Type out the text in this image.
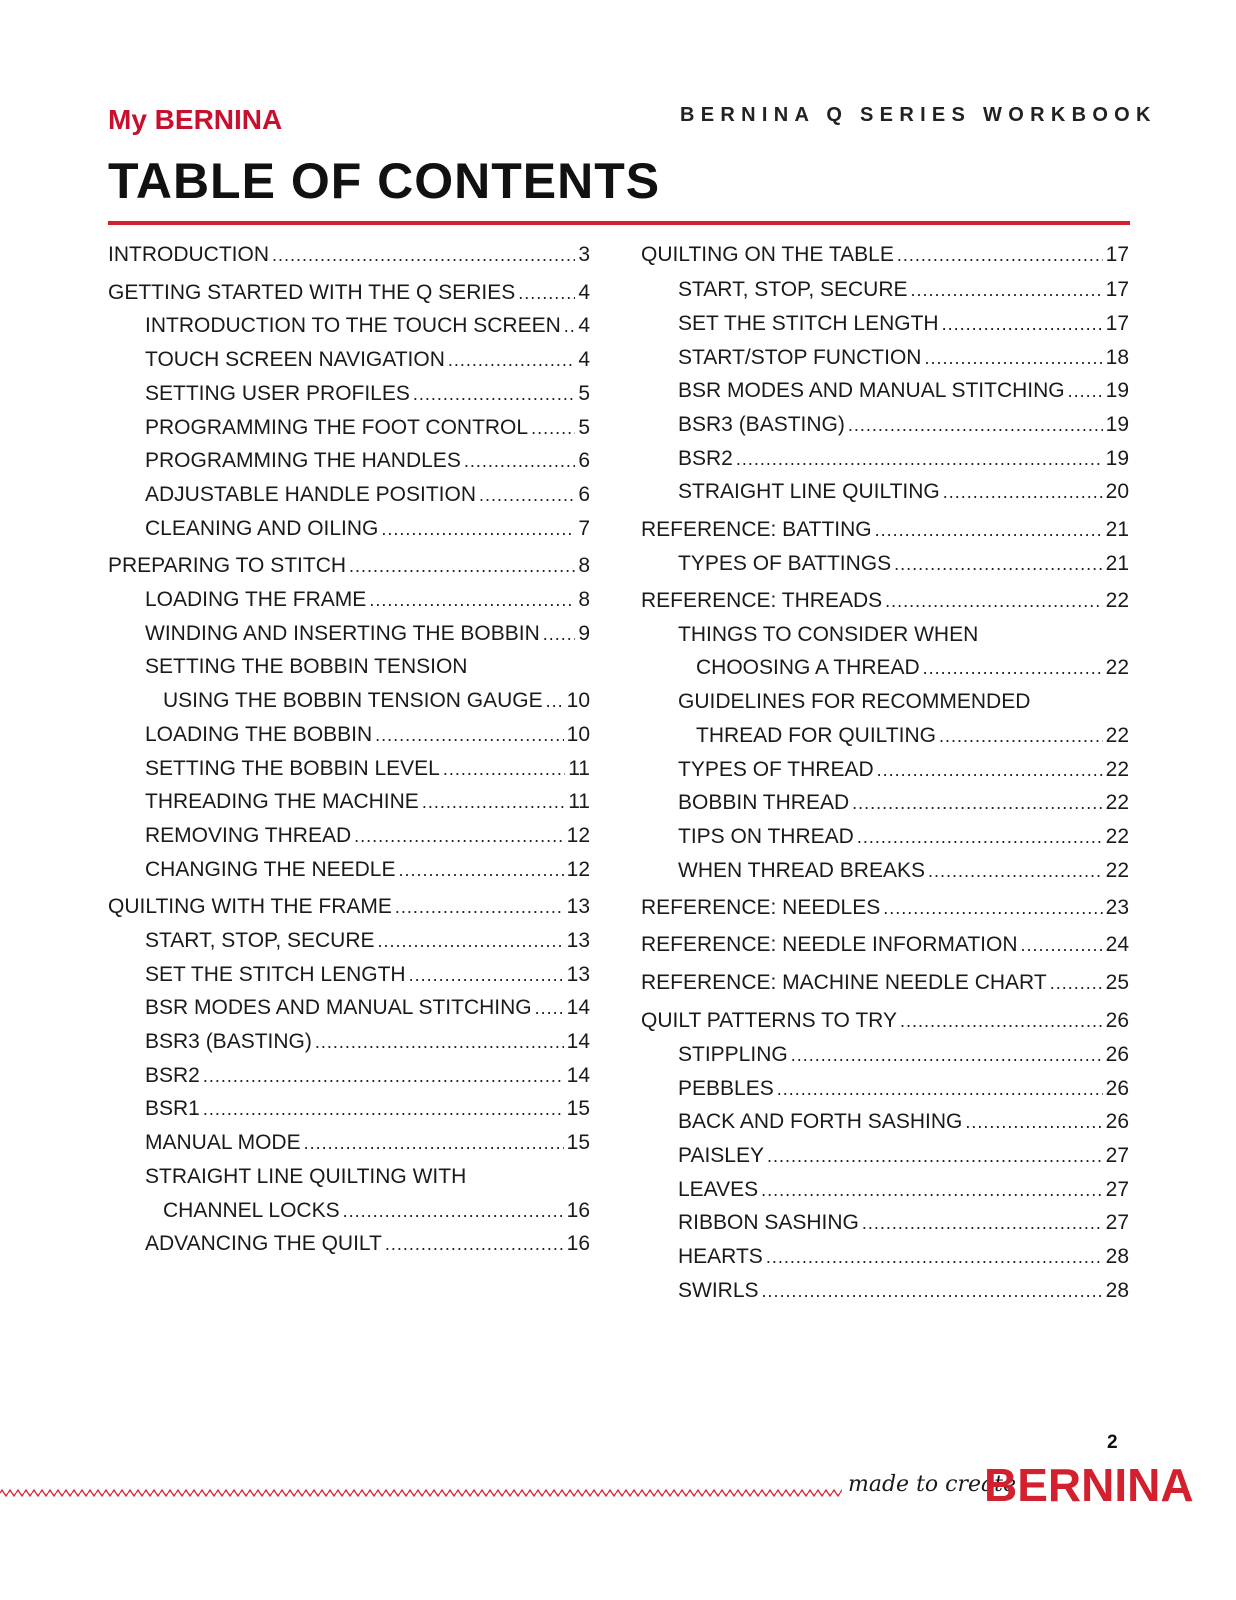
My BERNINA	BERNINA Q SERIES WORKBOOK
TABLE OF CONTENTS
INTRODUCTION .....	3
GETTING STARTED WITH THE Q SERIES .....	4
INTRODUCTION TO THE TOUCH SCREEN ..... 4
TOUCH SCREEN NAVIGATION .....	4
SETTING USER PROFILES .....	5
PROGRAMMING THE FOOT CONTROL ..... 5
PROGRAMMING THE HANDLES .....	6
ADJUSTABLE HANDLE POSITION .....	6
CLEANING AND OILING .....	7
PREPARING TO STITCH .....	8
LOADING THE FRAME .....	8
WINDING AND INSERTING THE BOBBIN ..... 9
SETTING THE BOBBIN TENSION
USING THE BOBBIN TENSION GAUGE ..... 10
LOADING THE BOBBIN .....	10
SETTING THE BOBBIN LEVEL .....	11
THREADING THE MACHINE .....	11
REMOVING THREAD .....	12
CHANGING THE NEEDLE .....	12
QUILTING WITH THE FRAME .....	13
START, STOP, SECURE .....	13
SET THE STITCH LENGTH .....	13
BSR MODES AND MANUAL STITCHING ..... 14
BSR3 (BASTING) .....	14
BSR2 .....	14
BSR1 .....	15
MANUAL MODE .....	15
STRAIGHT LINE QUILTING WITH
CHANNEL LOCKS .....	16
ADVANCING THE QUILT .....	16
QUILTING ON THE TABLE .....	17
START, STOP, SECURE .....	17
SET THE STITCH LENGTH .....	17
START/STOP FUNCTION .....	18
BSR MODES AND MANUAL STITCHING ..... 19
BSR3 (BASTING) .....	19
BSR2 .....	19
STRAIGHT LINE QUILTING .....	20
REFERENCE: BATTING .....	21
TYPES OF BATTINGS .....	21
REFERENCE: THREADS .....	22
THINGS TO CONSIDER WHEN
CHOOSING A THREAD .....	22
GUIDELINES FOR RECOMMENDED
THREAD FOR QUILTING .....	22
TYPES OF THREAD .....	22
BOBBIN THREAD .....	22
TIPS ON THREAD .....	22
WHEN THREAD BREAKS .....	22
REFERENCE: NEEDLES .....	23
REFERENCE: NEEDLE INFORMATION .....	24
REFERENCE: MACHINE NEEDLE CHART .....	25
QUILT PATTERNS TO TRY .....	26
STIPPLING .....	26
PEBBLES .....	26
BACK AND FORTH SASHING .....	26
PAISLEY .....	27
LEAVES .....	27
RIBBON SASHING .....	27
HEARTS .....	28
SWIRLS .....	28
2
made to create
BERNINA
